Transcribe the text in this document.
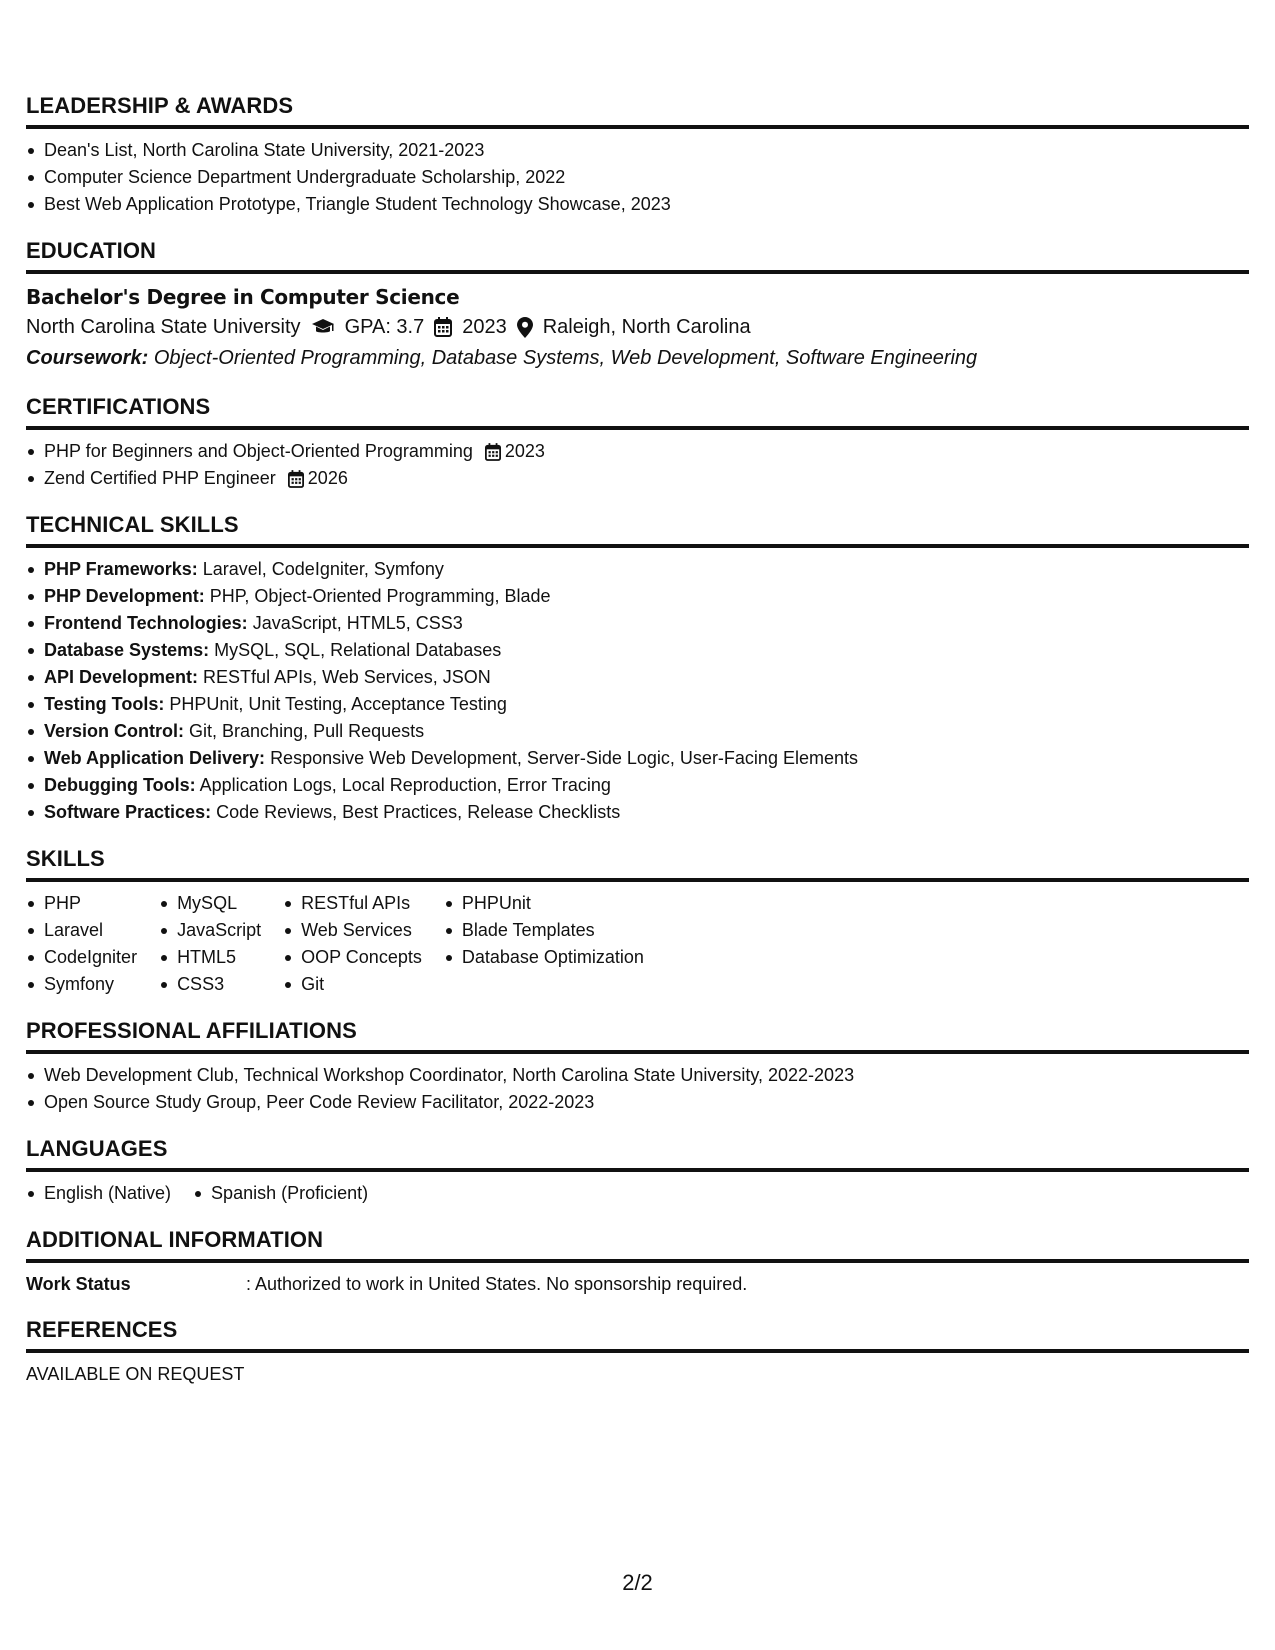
LEADERSHIP & AWARDS
Dean's List, North Carolina State University, 2021-2023
Computer Science Department Undergraduate Scholarship, 2022
Best Web Application Prototype, Triangle Student Technology Showcase, 2023
EDUCATION
Bachelor's Degree in Computer Science
North Carolina State University GPA: 3.7 2023 Raleigh, North Carolina
Coursework: Object-Oriented Programming, Database Systems, Web Development, Software Engineering
CERTIFICATIONS
PHP for Beginners and Object-Oriented Programming 2023
Zend Certified PHP Engineer 2026
TECHNICAL SKILLS
PHP Frameworks: Laravel, CodeIgniter, Symfony
PHP Development: PHP, Object-Oriented Programming, Blade
Frontend Technologies: JavaScript, HTML5, CSS3
Database Systems: MySQL, SQL, Relational Databases
API Development: RESTful APIs, Web Services, JSON
Testing Tools: PHPUnit, Unit Testing, Acceptance Testing
Version Control: Git, Branching, Pull Requests
Web Application Delivery: Responsive Web Development, Server-Side Logic, User-Facing Elements
Debugging Tools: Application Logs, Local Reproduction, Error Tracing
Software Practices: Code Reviews, Best Practices, Release Checklists
SKILLS
PHP
Laravel
CodeIgniter
Symfony
MySQL
JavaScript
HTML5
CSS3
RESTful APIs
Web Services
OOP Concepts
Git
PHPUnit
Blade Templates
Database Optimization
PROFESSIONAL AFFILIATIONS
Web Development Club, Technical Workshop Coordinator, North Carolina State University, 2022-2023
Open Source Study Group, Peer Code Review Facilitator, 2022-2023
LANGUAGES
English (Native)	Spanish (Proficient)
ADDITIONAL INFORMATION
Work Status	: Authorized to work in United States. No sponsorship required.
REFERENCES
AVAILABLE ON REQUEST
2/2
